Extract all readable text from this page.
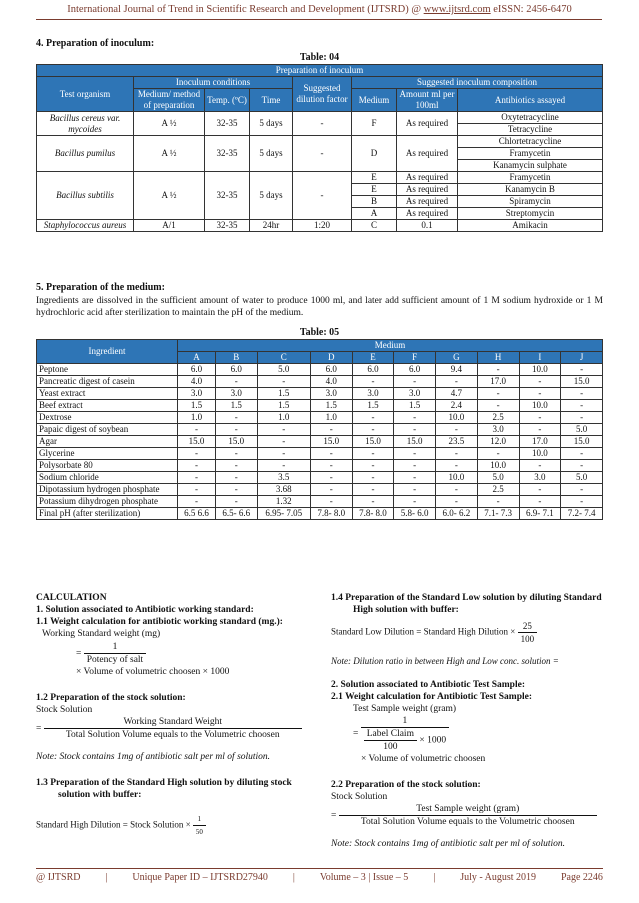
International Journal of Trend in Scientific Research and Development (IJTSRD) @ www.ijtsrd.com eISSN: 2456-6470
4. Preparation of inoculum:
Table: 04
Preparation of inoculum							
Test organism	Inoculum conditions			Suggested dilution factor	Suggested inoculum composition		
	Medium/ method of preparation	Temp. (ºC)	Time		Medium	Amount ml per 100ml	Antibiotics assayed
Bacillus cereus var. mycoides	A ½	32-35	5 days	-	F	As required	Oxytetracycline
							Tetracycline
Bacillus pumilus	A ½	32-35	5 days	-	D	As required	Chlortetracycline
							Framycetin
							Kanamycin sulphate
Bacillus subtilis	A ½	32-35	5 days	-	E	As required	Framycetin
					E	As required	Kanamycin B
					B	As required	Spiramycin
					A	As required	Streptomycin
Staphylococcus aureus	A/1	32-35	24hr	1:20	C	0.1	Amikacin
5. Preparation of the medium:
Ingredients are dissolved in the sufficient amount of water to produce 1000 ml, and later add sufficient amount of 1 M sodium hydroxide or 1 M hydrochloric acid after sterilization to maintain the pH of the medium.
Table: 05
Ingredient	Medium									
	A	B	C	D	E	F	G	H	I	J
Peptone	6.0	6.0	5.0	6.0	6.0	6.0	9.4	-	10.0	-
Pancreatic digest of casein	4.0	-	-	4.0	-	-	-	17.0	-	15.0
Yeast extract	3.0	3.0	1.5	3.0	3.0	3.0	4.7	-	-	-
Beef extract	1.5	1.5	1.5	1.5	1.5	1.5	2.4	-	10.0	-
Dextrose	1.0	-	1.0	1.0	-	-	10.0	2.5	-	-
Papaic digest of soybean	-	-	-	-	-	-	-	3.0	-	5.0
Agar	15.0	15.0	-	15.0	15.0	15.0	23.5	12.0	17.0	15.0
Glycerine	-	-	-	-	-	-	-	-	10.0	-
Polysorbate 80	-	-	-	-	-	-	-	10.0	-	-
Sodium chloride	-	-	3.5	-	-	-	10.0	5.0	3.0	5.0
Dipotassium hydrogen phosphate	-	-	3.68	-	-	-	-	2.5	-	-
Potassium dihydrogen phosphate	-	-	1.32	-	-	-	-	-	-	-
Final pH (after sterilization)	6.5 6.6	6.5- 6.6	6.95- 7.05	7.8- 8.0	7.8- 8.0	5.8- 6.0	6.0- 6.2	7.1- 7.3	6.9- 7.1	7.2- 7.4
CALCULATION
1. Solution associated to Antibiotic working standard:
1.1 Weight calculation for antibiotic working standard (mg.):
Working Standard weight (mg)
= $\frac{1}{\text{Potency of salt}}$
× Volume of volumetric choosen × 1000
1.2 Preparation of the stock solution:
Stock Solution
= $\frac{\text{Working Standard Weight}}{\text{Total Solution Volume equals to the Volumetric choosen}}$
Note: Stock contains 1mg of antibiotic salt per ml of solution.
1.3 Preparation of the Standard High solution by diluting stock solution with buffer:
Standard High Dilution = Stock Solution × $\frac{1}{50}$
1.4 Preparation of the Standard Low solution by diluting Standard High solution with buffer:
Standard Low Dilution = Standard High Dilution × $\frac{25}{100}$
Note: Dilution ratio in between High and Low conc. solution =
2. Solution associated to Antibiotic Test Sample:
2.1 Weight calculation for Antibiotic Test Sample:
Test Sample weight (gram)
= $\frac{1}{\frac{\text{Label Claim}}{100} \times 1000}$
× Volume of volumetric choosen
2.2 Preparation of the stock solution:
Stock Solution
= $\frac{\text{Test Sample weight (gram)}}{\text{Total Solution Volume equals to the Volumetric choosen}}$
Note: Stock contains 1mg of antibiotic salt per ml of solution.
@ IJTSRD | Unique Paper ID – IJTSRD27940 | Volume – 3 | Issue – 5 | July - August 2019 Page 2246
